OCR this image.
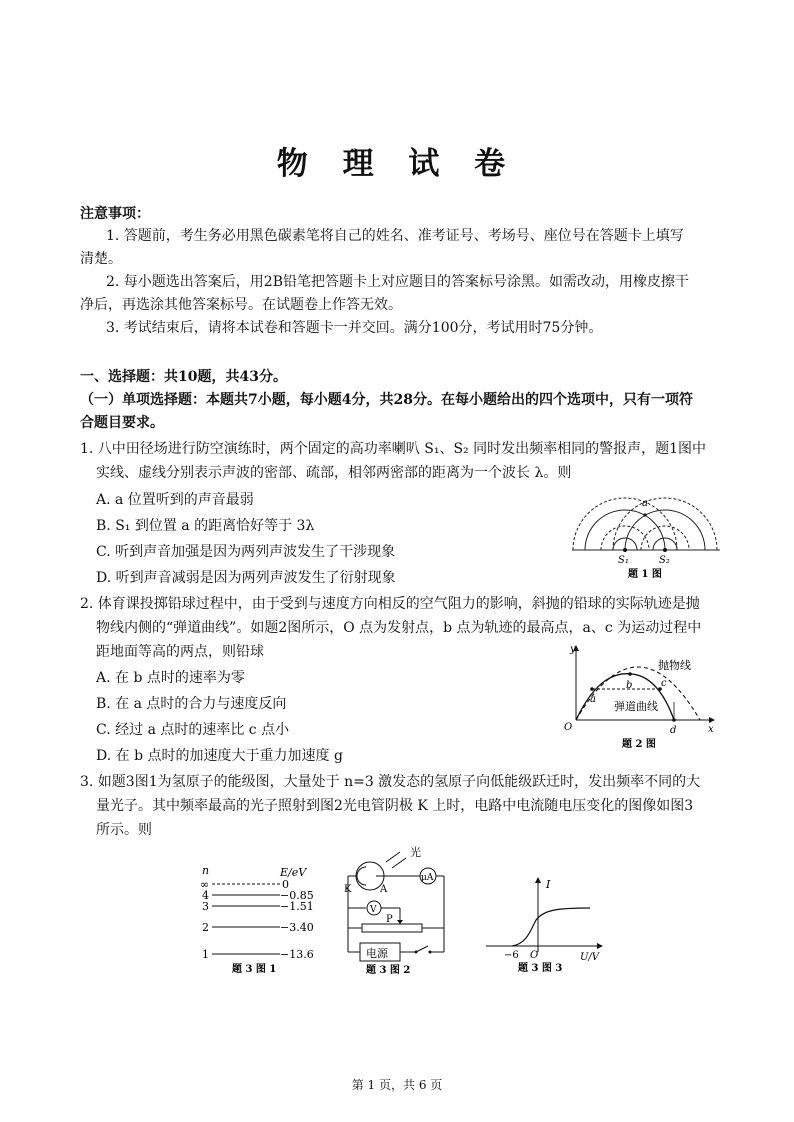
物 理 试 卷
注意事项：
1. 答题前，考生务必用黑色碳素笔将自己的姓名、准考证号、考场号、座位号在答题卡上填写
清楚。
2. 每小题选出答案后，用2B铅笔把答题卡上对应题目的答案标号涂黑。如需改动，用橡皮擦干
净后，再选涂其他答案标号。在试题卷上作答无效。
3. 考试结束后，请将本试卷和答题卡一并交回。满分100分，考试用时75分钟。
一、选择题：共10题，共43分。
（一）单项选择题：本题共7小题，每小题4分，共28分。在每小题给出的四个选项中，只有一项符
合题目要求。
1. 八中田径场进行防空演练时，两个固定的高功率喇叭 S₁、S₂ 同时发出频率相同的警报声，题1图中
实线、虚线分别表示声波的密部、疏部，相邻两密部的距离为一个波长 λ。则
A. a 位置听到的声音最弱
B. S₁ 到位置 a 的距离恰好等于 3λ
C. 听到声音加强是因为两列声波发生了干涉现象
D. 听到声音减弱是因为两列声波发生了衍射现象
a
S₁	S₂
题 1 图
2. 体育课投掷铅球过程中，由于受到与速度方向相反的空气阻力的影响，斜抛的铅球的实际轨迹是抛
物线内侧的“弹道曲线”。如题2图所示，O 点为发射点，b 点为轨迹的最高点，a、c 为运动过程中
距地面等高的两点，则铅球
A. 在 b 点时的速率为零
B. 在 a 点时的合力与速度反向
C. 经过 a 点时的速率比 c 点小
D. 在 b 点时的加速度大于重力加速度 g
y
x
O
a
b	c
d
抛物线
弹道曲线
题 2 图
3. 如题3图1为氢原子的能级图，大量处于 n=3 激发态的氢原子向低能级跃迁时，发出频率不同的大
量光子。其中频率最高的光子照射到图2光电管阴极 K 上时，电路中电流随电压变化的图像如图3
所示。则
n	E/eV
∞	0
4	−0.85
3	−1.51
2	−3.40
1	−13.6
题 3 图 1
光
K	A
μA
V
P
电源
题 3 图 2
I
U/V
O
−6
题 3 图 3
第 1 页，共 6 页
